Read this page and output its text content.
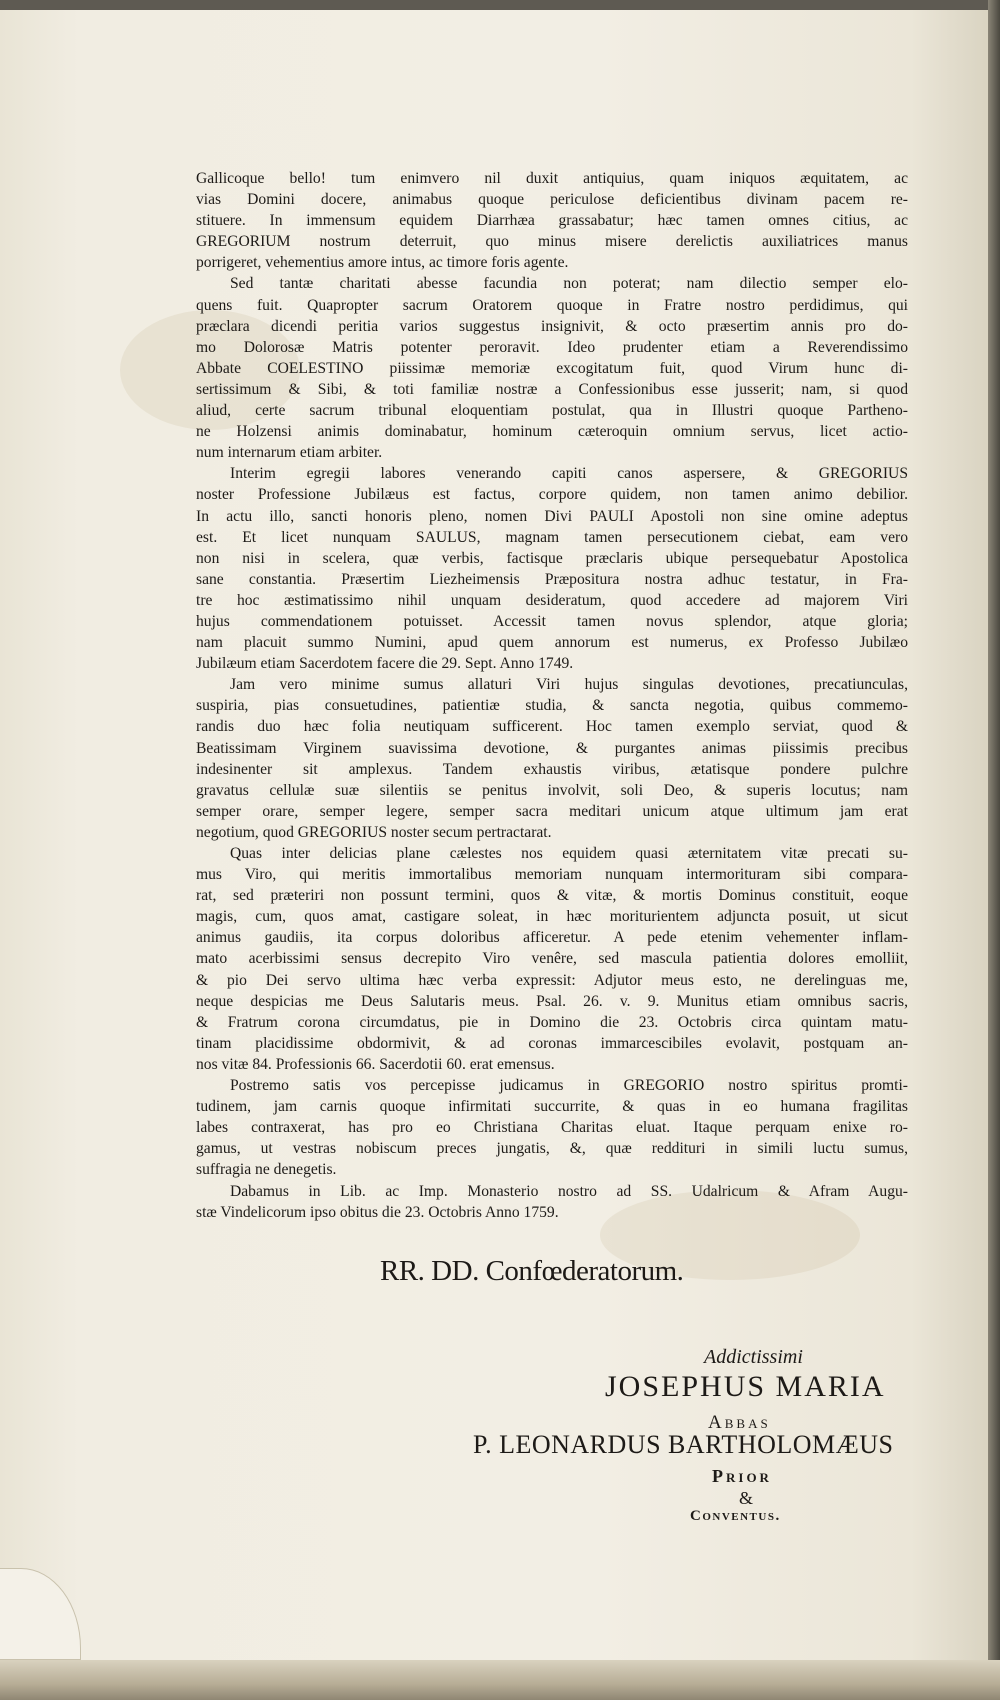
Gallicoque bello! tum enimvero nil duxit antiquius, quam iniquos æquitatem, ac
vias Domini docere, animabus quoque periculose deficientibus divinam pacem re-
stituere. In immensum equidem Diarrhæa grassabatur; hæc tamen omnes citius, ac
GREGORIUM nostrum deterruit, quo minus misere derelictis auxiliatrices manus
porrigeret, vehementius amore intus, ac timore foris agente.

Sed tantæ charitati abesse facundia non poterat; nam dilectio semper elo-
quens fuit. Quapropter sacrum Oratorem quoque in Fratre nostro perdidimus, qui
præclara dicendi peritia varios suggestus insignivit, & octo præsertim annis pro do-
mo Dolorosæ Matris potenter peroravit. Ideo prudenter etiam a Reverendissimo
Abbate COELESTINO piissimæ memoriæ excogitatum fuit, quod Virum hunc di-
sertissimum & Sibi, & toti familiæ nostræ a Confessionibus esse jusserit; nam, si quod
aliud, certe sacrum tribunal eloquentiam postulat, qua in Illustri quoque Partheno-
ne Holzensi animis dominabatur, hominum cæteroquin omnium servus, licet actio-
num internarum etiam arbiter.

Interim egregii labores venerando capiti canos aspersere, & GREGORIUS
noster Professione Jubilæus est factus, corpore quidem, non tamen animo debilior.
In actu illo, sancti honoris pleno, nomen Divi PAULI Apostoli non sine omine adeptus
est. Et licet nunquam SAULUS, magnam tamen persecutionem ciebat, eam vero
non nisi in scelera, quæ verbis, factisque præclaris ubique persequebatur Apostolica
sane constantia. Præsertim Liezheimensis Præpositura nostra adhuc testatur, in Fra-
tre hoc æstimatissimo nihil unquam desideratum, quod accedere ad majorem Viri
hujus commendationem potuisset. Accessit tamen novus splendor, atque gloria;
nam placuit summo Numini, apud quem annorum est numerus, ex Professo Jubilæo
Jubilæum etiam Sacerdotem facere die 29. Sept. Anno 1749.

Jam vero minime sumus allaturi Viri hujus singulas devotiones, precatiunculas,
suspiria, pias consuetudines, patientiæ studia, & sancta negotia, quibus commemo-
randis duo hæc folia neutiquam sufficerent. Hoc tamen exemplo serviat, quod &
Beatissimam Virginem suavissima devotione, & purgantes animas piissimis precibus
indesinenter sit amplexus. Tandem exhaustis viribus, ætatisque pondere pulchre
gravatus cellulæ suæ silentiis se penitus involvit, soli Deo, & superis locutus; nam
semper orare, semper legere, semper sacra meditari unicum atque ultimum jam erat
negotium, quod GREGORIUS noster secum pertractarat.

Quas inter delicias plane cælestes nos equidem quasi æternitatem vitæ precati su-
mus Viro, qui meritis immortalibus memoriam nunquam intermorituram sibi compara-
rat, sed præteriri non possunt termini, quos & vitæ, & mortis Dominus constituit, eoque
magis, cum, quos amat, castigare soleat, in hæc moriturientem adjuncta posuit, ut sicut
animus gaudiis, ita corpus doloribus afficeretur. A pede etenim vehementer inflam-
mato acerbissimi sensus decrepito Viro venêre, sed mascula patientia dolores emolliit,
& pio Dei servo ultima hæc verba expressit: Adjutor meus esto, ne derelinguas me,
neque despicias me Deus Salutaris meus. Psal. 26. v. 9. Munitus etiam omnibus sacris,
& Fratrum corona circumdatus, pie in Domino die 23. Octobris circa quintam matu-
tinam placidissime obdormivit, & ad coronas immarcescibiles evolavit, postquam an-
nos vitæ 84. Professionis 66. Sacerdotii 60. erat emensus.

Postremo satis vos percepisse judicamus in GREGORIO nostro spiritus promti-
tudinem, jam carnis quoque infirmitati succurrite, & quas in eo humana fragilitas
labes contraxerat, has pro eo Christiana Charitas eluat. Itaque perquam enixe ro-
gamus, ut vestras nobiscum preces jungatis, &, quæ reddituri in simili luctu sumus,
suffragia ne denegetis.

Dabamus in Lib. ac Imp. Monasterio nostro ad SS. Udalricum & Afram Augu-
stæ Vindelicorum ipso obitus die 23. Octobris Anno 1759.

RR. DD. Confœderatorum.
Addictissimi
JOSEPHUS MARIA
Abbas
P. LEONARDUS BARTHOLOMÆUS
Prior
&
Conventus.
